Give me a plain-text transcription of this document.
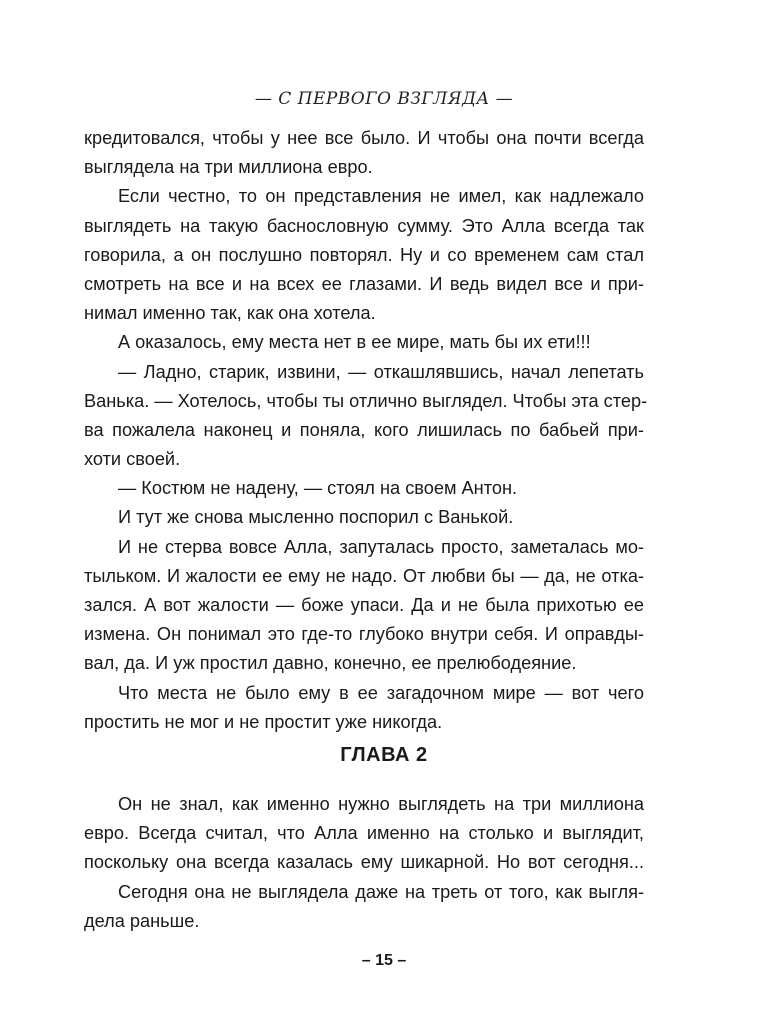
— С ПЕРВОГО ВЗГЛЯДА —
кредитовался, чтобы у нее все было. И чтобы она почти всегда
выглядела на три миллиона евро.
Если честно, то он представления не имел, как надлежало
выглядеть на такую баснословную сумму. Это Алла всегда так
говорила, а он послушно повторял. Ну и со временем сам стал
смотреть на все и на всех ее глазами. И ведь видел все и при-
нимал именно так, как она хотела.
А оказалось, ему места нет в ее мире, мать бы их ети!!!
— Ладно, старик, извини, — откашлявшись, начал лепетать
Ванька. — Хотелось, чтобы ты отлично выглядел. Чтобы эта стер-
ва пожалела наконец и поняла, кого лишилась по бабьей при-
хоти своей.
— Костюм не надену, — стоял на своем Антон.
И тут же снова мысленно поспорил с Ванькой.
И не стерва вовсе Алла, запуталась просто, заметалась мо-
тыльком. И жалости ее ему не надо. От любви бы — да, не отка-
зался. А вот жалости — боже упаси. Да и не была прихотью ее
измена. Он понимал это где-то глубоко внутри себя. И оправды-
вал, да. И уж простил давно, конечно, ее прелюбодеяние.
Что места не было ему в ее загадочном мире — вот чего
простить не мог и не простит уже никогда.
ГЛАВА 2
Он не знал, как именно нужно выглядеть на три миллиона
евро. Всегда считал, что Алла именно на столько и выглядит,
поскольку она всегда казалась ему шикарной. Но вот сегодня...
Сегодня она не выглядела даже на треть от того, как выгля-
дела раньше.
– 15 –
